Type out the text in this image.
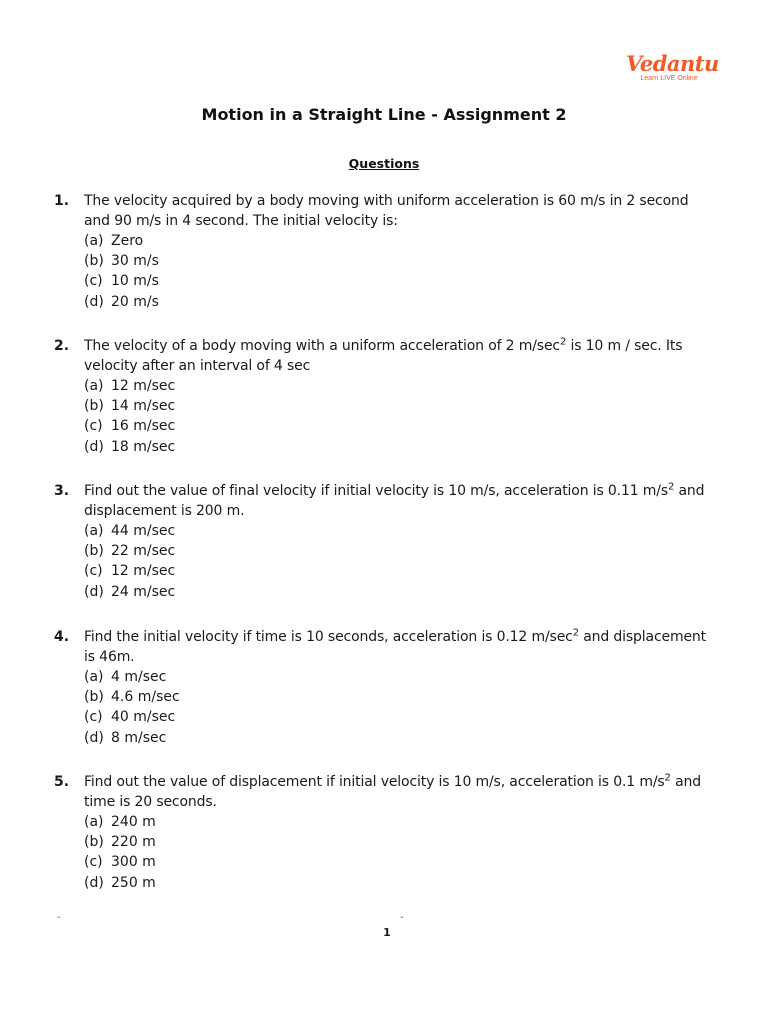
Vedantu
Learn LIVE Online
Motion in a Straight Line - Assignment 2
Questions
1. The velocity acquired by a body moving with uniform acceleration is 60 m/s in 2 second and 90 m/s in 4 second. The initial velocity is:
(a) Zero
(b) 30 m/s
(c) 10 m/s
(d) 20 m/s
2. The velocity of a body moving with a uniform acceleration of 2 $m/\sec^2$ is 10 m / sec. Its velocity after an interval of 4 sec
(a) 12 m/sec
(b) 14 m/sec
(c) 16 m/sec
(d) 18 m/sec
3. Find out the value of final velocity if initial velocity is 10 m/s, acceleration is 0.11 $m/s^2$ and displacement is 200 m.
(a) 44 m/sec
(b) 22 m/sec
(c) 12 m/sec
(d) 24 m/sec
4. Find the initial velocity if time is 10 seconds, acceleration is 0.12 $m/\sec^2$ and displacement is 46m.
(a) 4 m/sec
(b) 4.6 m/sec
(c) 40 m/sec
(d) 8 m/sec
5. Find out the value of displacement if initial velocity is 10 m/s, acceleration is 0.1 $m/s^2$ and time is 20 seconds.
(a) 240 m
(b) 220 m
(c) 300 m
(d) 250 m
-	-
1
